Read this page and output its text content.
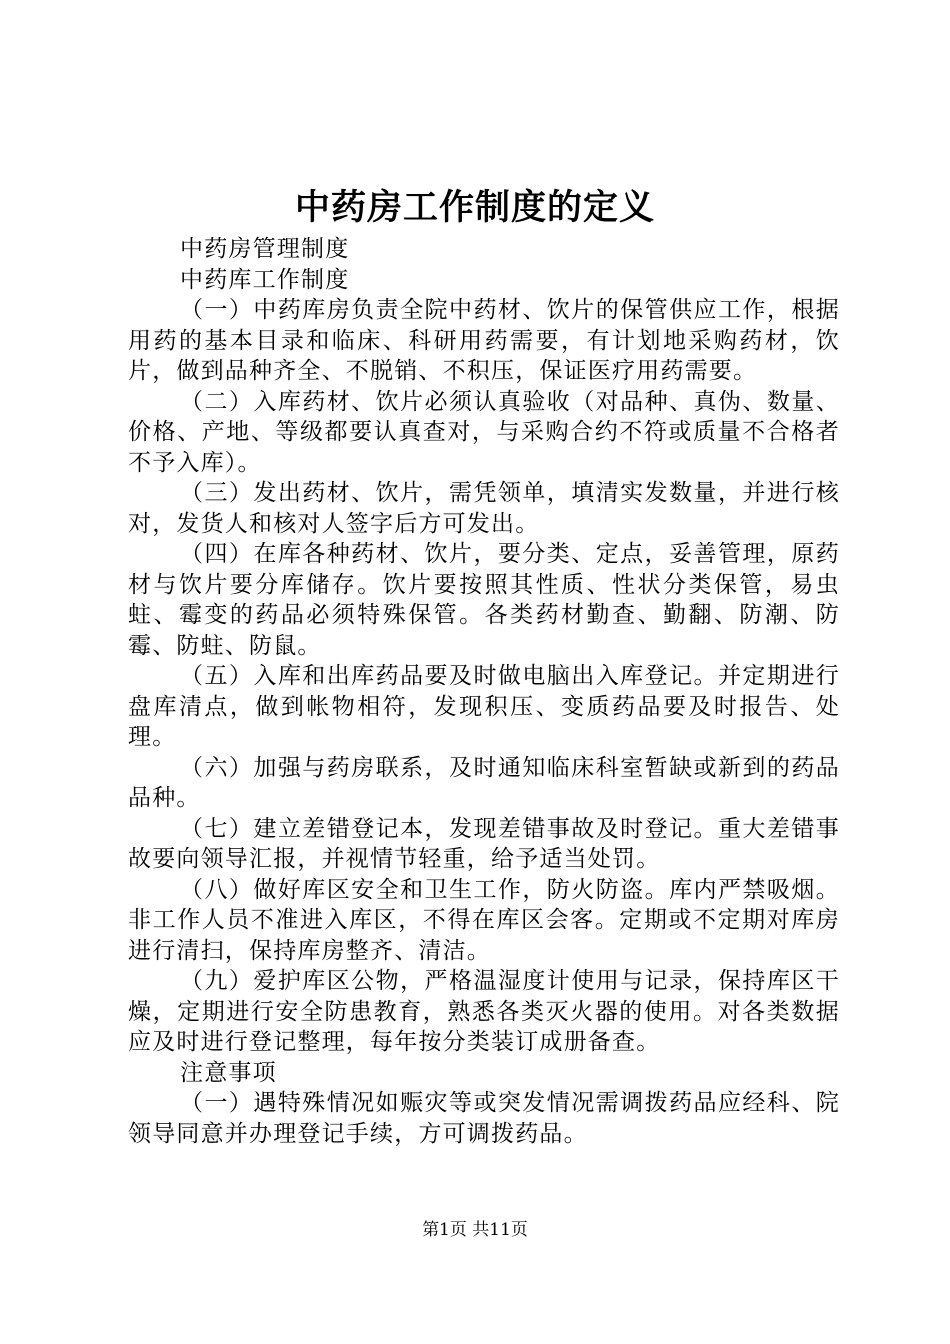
中药房工作制度的定义

中药房管理制度

中药库工作制度

（一）中药库房负责全院中药材、饮片的保管供应工作，根据用药的基本目录和临床、科研用药需要，有计划地采购药材，饮片，做到品种齐全、不脱销、不积压，保证医疗用药需要。

（二）入库药材、饮片必须认真验收（对品种、真伪、数量、价格、产地、等级都要认真查对，与采购合约不符或质量不合格者不予入库）。

（三）发出药材、饮片，需凭领单，填清实发数量，并进行核对，发货人和核对人签字后方可发出。

（四）在库各种药材、饮片，要分类、定点，妥善管理，原药材与饮片要分库储存。饮片要按照其性质、性状分类保管，易虫蛀、霉变的药品必须特殊保管。各类药材勤查、勤翻、防潮、防霉、防蛀、防鼠。

（五）入库和出库药品要及时做电脑出入库登记。并定期进行盘库清点，做到帐物相符，发现积压、变质药品要及时报告、处理。

（六）加强与药房联系，及时通知临床科室暂缺或新到的药品品种。

（七）建立差错登记本，发现差错事故及时登记。重大差错事故要向领导汇报，并视情节轻重，给予适当处罚。

（八）做好库区安全和卫生工作，防火防盗。库内严禁吸烟。非工作人员不准进入库区，不得在库区会客。定期或不定期对库房进行清扫，保持库房整齐、清洁。

（九）爱护库区公物，严格温湿度计使用与记录，保持库区干燥，定期进行安全防患教育，熟悉各类灭火器的使用。对各类数据应及时进行登记整理，每年按分类装订成册备查。

注意事项

（一）遇特殊情况如赈灾等或突发情况需调拨药品应经科、院领导同意并办理登记手续，方可调拨药品。

第1页 共11页
